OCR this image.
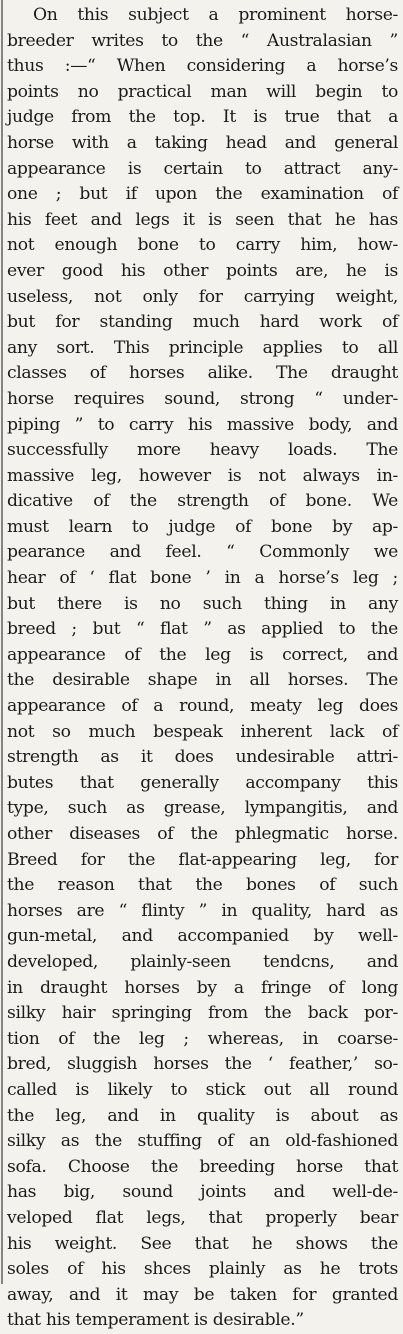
On this subject a prominent horse-
breeder writes to the “ Australasian ”
thus :—“ When considering a horse’s
points no practical man will begin to
judge from the top. It is true that a
horse with a taking head and general
appearance is certain to attract any-
one ; but if upon the examination of
his feet and legs it is seen that he has
not enough bone to carry him, how-
ever good his other points are, he is
useless, not only for carrying weight,
but for standing much hard work of
any sort. This principle applies to all
classes of horses alike. The draught
horse requires sound, strong “ under-
piping ” to carry his massive body, and
successfully more heavy loads. The
massive leg, however is not always in-
dicative of the strength of bone. We
must learn to judge of bone by ap-
pearance and feel. “ Commonly we
hear of ‘ flat bone ’ in a horse’s leg ;
but there is no such thing in any
breed ; but “ flat ” as applied to the
appearance of the leg is correct, and
the desirable shape in all horses. The
appearance of a round, meaty leg does
not so much bespeak inherent lack of
strength as it does undesirable attri-
butes that generally accompany this
type, such as grease, lympangitis, and
other diseases of the phlegmatic horse.
Breed for the flat-appearing leg, for
the reason that the bones of such
horses are “ flinty ” in quality, hard as
gun-metal, and accompanied by well-
developed, plainly-seen tendcns, and
in draught horses by a fringe of long
silky hair springing from the back por-
tion of the leg ; whereas, in coarse-
bred, sluggish horses the ‘ feather,’ so-
called is likely to stick out all round
the leg, and in quality is about as
silky as the stuffing of an old-fashioned
sofa. Choose the breeding horse that
has big, sound joints and well-de-
veloped flat legs, that properly bear
his weight. See that he shows the
soles of his shces plainly as he trots
away, and it may be taken for granted
that his temperament is desirable.”
